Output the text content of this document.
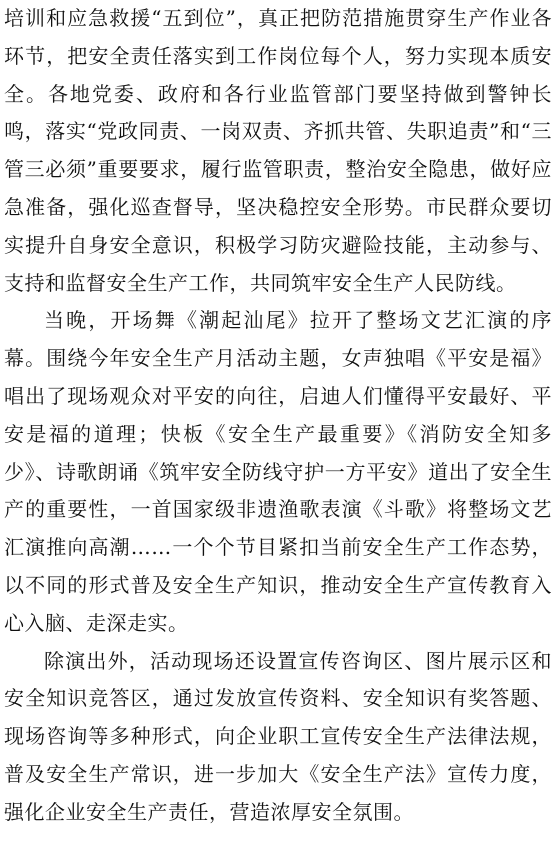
培训和应急救援“五到位”，真正把防范措施贯穿生产作业各环节，把安全责任落实到工作岗位每个人，努力实现本质安全。各地党委、政府和各行业监管部门要坚持做到警钟长鸣，落实“党政同责、一岗双责、齐抓共管、失职追责”和“三管三必须”重要要求，履行监管职责，整治安全隐患，做好应急准备，强化巡查督导，坚决稳控安全形势。市民群众要切实提升自身安全意识，积极学习防灾避险技能，主动参与、支持和监督安全生产工作，共同筑牢安全生产人民防线。

当晚，开场舞《潮起汕尾》拉开了整场文艺汇演的序幕。围绕今年安全生产月活动主题，女声独唱《平安是福》唱出了现场观众对平安的向往，启迪人们懂得平安最好、平安是福的道理；快板《安全生产最重要》《消防安全知多少》、诗歌朗诵《筑牢安全防线守护一方平安》道出了安全生产的重要性，一首国家级非遗渔歌表演《斗歌》将整场文艺汇演推向高潮……一个个节目紧扣当前安全生产工作态势，以不同的形式普及安全生产知识，推动安全生产宣传教育入心入脑、走深走实。

除演出外，活动现场还设置宣传咨询区、图片展示区和安全知识竞答区，通过发放宣传资料、安全知识有奖答题、现场咨询等多种形式，向企业职工宣传安全生产法律法规，普及安全生产常识，进一步加大《安全生产法》宣传力度，强化企业安全生产责任，营造浓厚安全氛围。
